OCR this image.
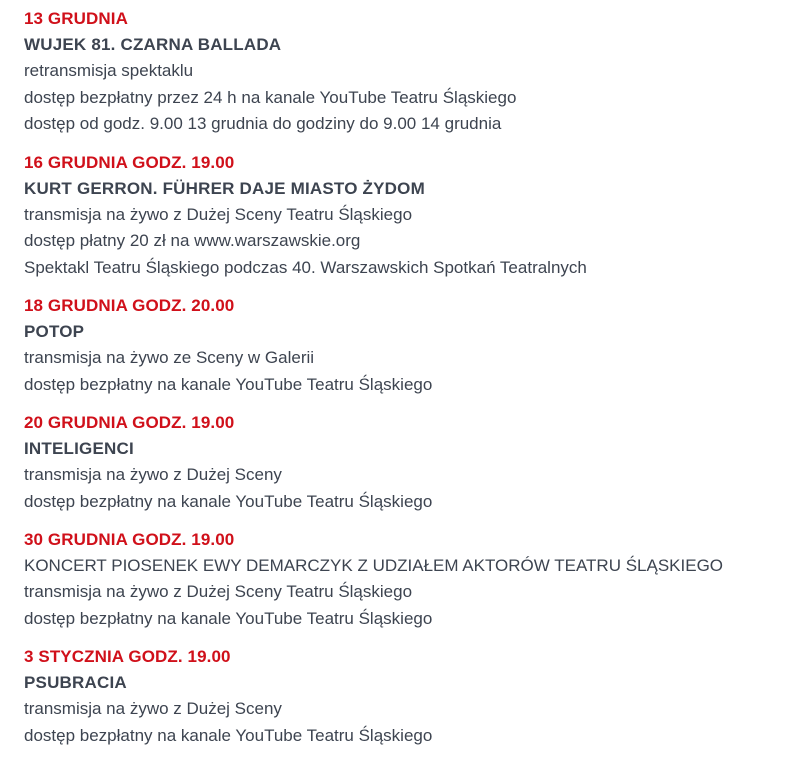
13 GRUDNIA
WUJEK 81. CZARNA BALLADA
retransmisja spektaklu
dostęp bezpłatny przez 24 h na kanale YouTube Teatru Śląskiego
dostęp od godz. 9.00 13 grudnia do godziny do 9.00 14 grudnia
16 GRUDNIA GODZ. 19.00
KURT GERRON. FÜHRER DAJE MIASTO ŻYDOM
transmisja na żywo z Dużej Sceny Teatru Śląskiego
dostęp płatny 20 zł na www.warszawskie.org
Spektakl Teatru Śląskiego podczas 40. Warszawskich Spotkań Teatralnych
18 GRUDNIA GODZ. 20.00
POTOP
transmisja na żywo ze Sceny w Galerii
dostęp bezpłatny na kanale YouTube Teatru Śląskiego
20 GRUDNIA GODZ. 19.00
INTELIGENCI
transmisja na żywo z Dużej Sceny
dostęp bezpłatny na kanale YouTube Teatru Śląskiego
30 GRUDNIA GODZ. 19.00
KONCERT PIOSENEK EWY DEMARCZYK Z UDZIAŁEM AKTORÓW TEATRU ŚLĄSKIEGO
transmisja na żywo z Dużej Sceny Teatru Śląskiego
dostęp bezpłatny na kanale YouTube Teatru Śląskiego
3 STYCZNIA GODZ. 19.00
PSUBRACIA
transmisja na żywo z Dużej Sceny
dostęp bezpłatny na kanale YouTube Teatru Śląskiego
